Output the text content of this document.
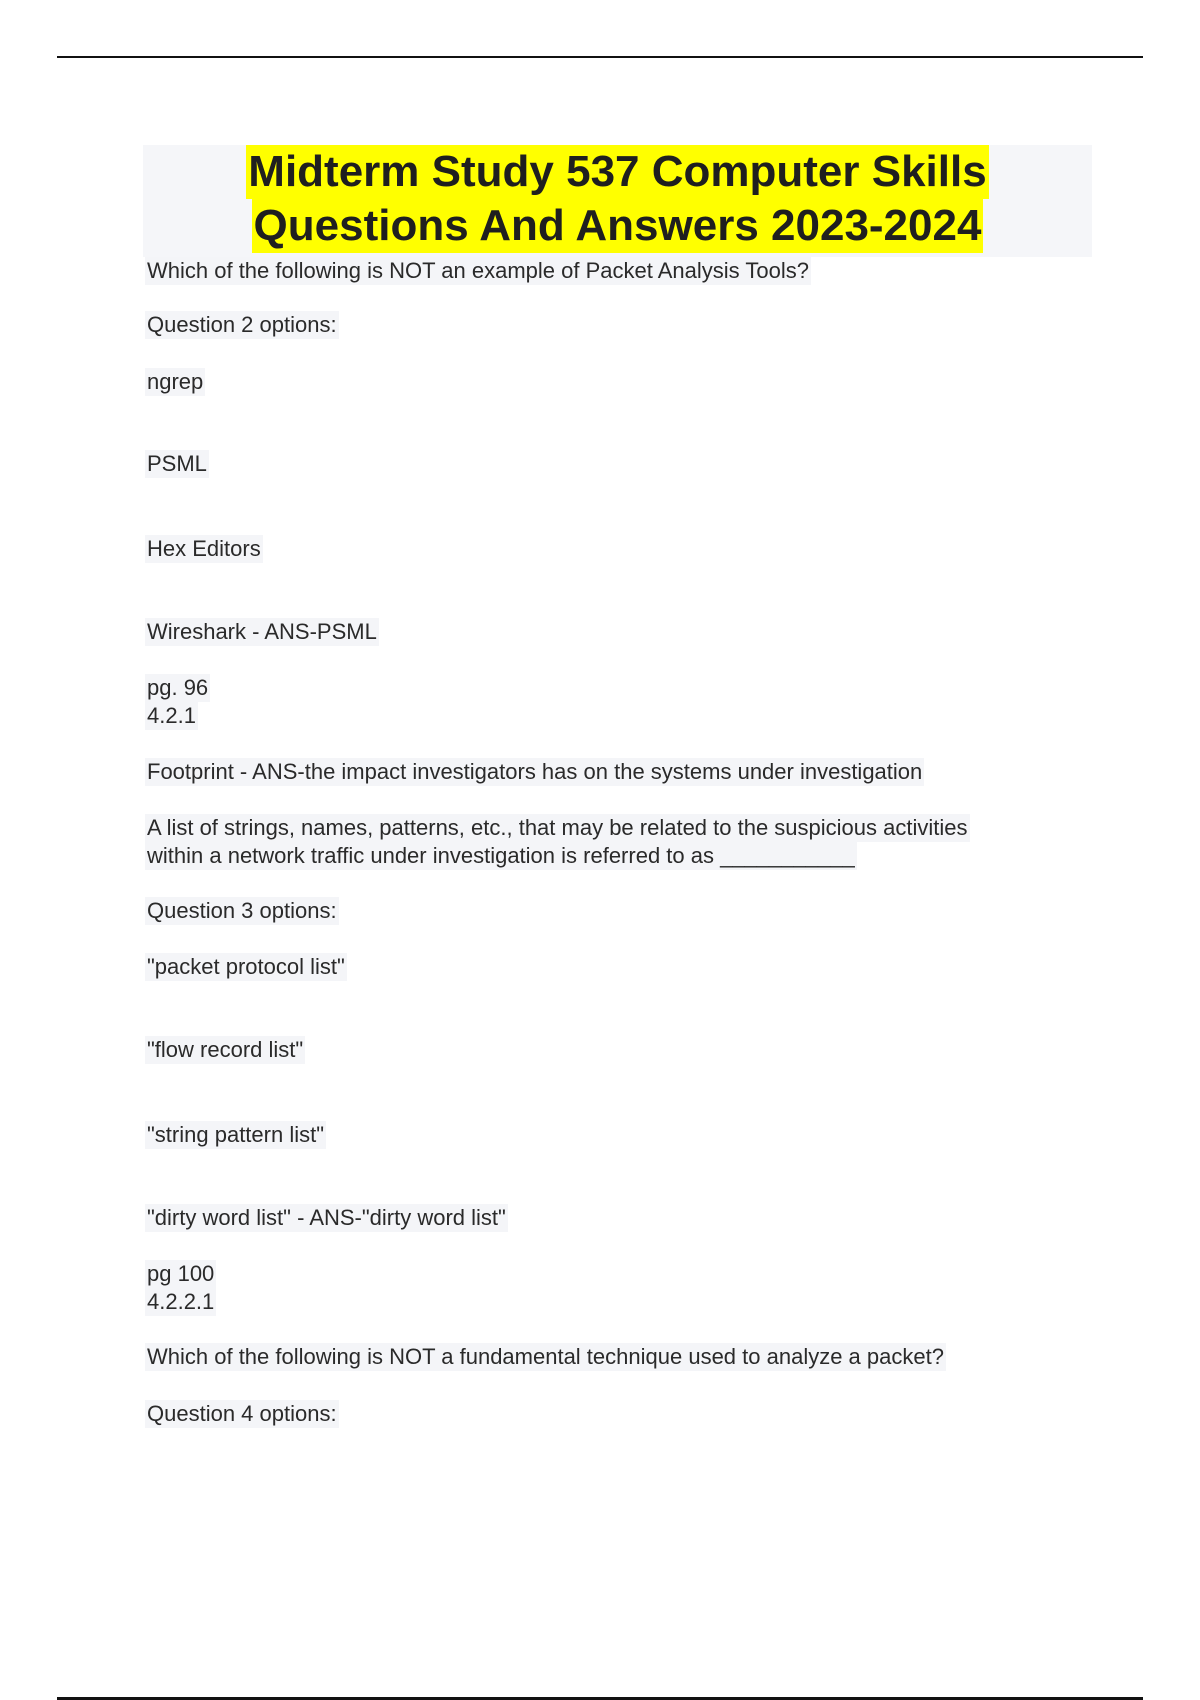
Midterm Study 537 Computer Skills
Questions And Answers 2023-2024
Which of the following is NOT an example of Packet Analysis Tools?
Question 2 options:
ngrep
PSML
Hex Editors
Wireshark - ANS-PSML
pg. 96
4.2.1
Footprint - ANS-the impact investigators has on the systems under investigation
A list of strings, names, patterns, etc., that may be related to the suspicious activities
within a network traffic under investigation is referred to as ___________
Question 3 options:
"packet protocol list"
"flow record list"
"string pattern list"
"dirty word list" - ANS-"dirty word list"
pg 100
4.2.2.1
Which of the following is NOT a fundamental technique used to analyze a packet?
Question 4 options:
